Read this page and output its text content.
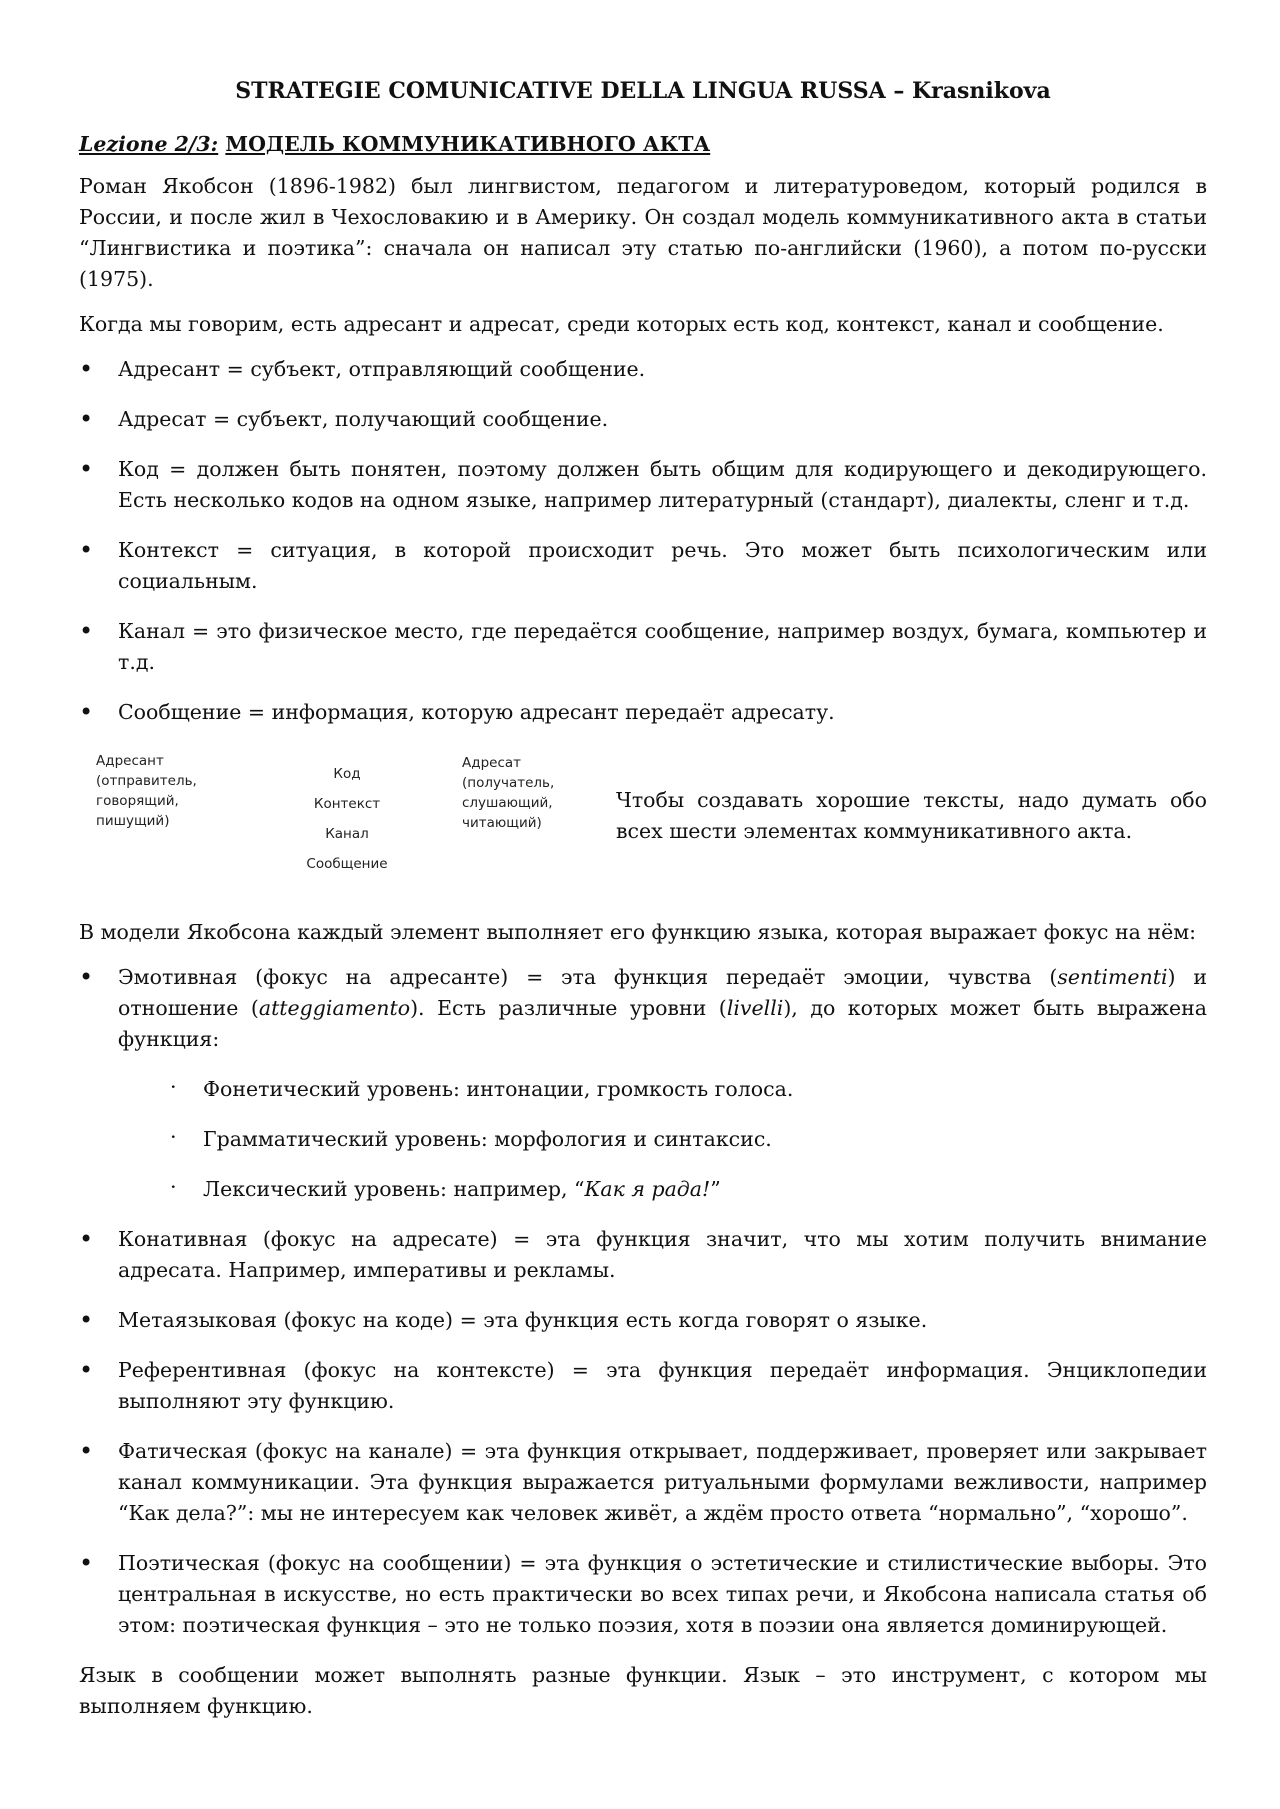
STRATEGIE COMUNICATIVE DELLA LINGUA RUSSA – Krasnikova
Lezione 2/3: МОДЕЛЬ КОММУНИКАТИВНОГО АКТА

Роман Якобсон (1896-1982) был лингвистом, педагогом и литературоведом, который родился в России, и после жил в Чехословакию и в Америку. Он создал модель коммуникативного акта в статьи “Лингвистика и поэтика”: сначала он написал эту статью по-английски (1960), а потом по-русски (1975).

Когда мы говорим, есть адресант и адресат, среди которых есть код, контекст, канал и сообщение.

• Адресант = субъект, отправляющий сообщение.
• Адресат = субъект, получающий сообщение.
• Код = должен быть понятен, поэтому должен быть общим для кодирующего и декодирующего. Есть несколько кодов на одном языке, например литературный (стандарт), диалекты, сленг и т.д.
• Контекст = ситуация, в которой происходит речь. Это может быть психологическим или социальным.
• Канал = это физическое место, где передаётся сообщение, например воздух, бумага, компьютер и т.д.
• Сообщение = информация, которую адресант передаёт адресату.
Адресант
(отправитель,
говорящий,
пишущий)
Код
Контекст
Канал
Сообщение
Адресат
(получатель,
слушающий,
читающий)
Чтобы создавать хорошие тексты, надо думать обо всех шести элементах коммуникативного акта.

В модели Якобсона каждый элемент выполняет его функцию языка, которая выражает фокус на нём:

• Эмотивная (фокус на адресанте) = эта функция передаёт эмоции, чувства (sentimenti) и отношение (atteggiamento). Есть различные уровни (livelli), до которых может быть выражена функция:
· Фонетический уровень: интонации, громкость голоса.
· Грамматический уровень: морфология и синтаксис.
· Лексический уровень: например, “Как я рада!”
• Конативная (фокус на адресате) = эта функция значит, что мы хотим получить внимание адресата. Например, императивы и рекламы.
• Метаязыковая (фокус на коде) = эта функция есть когда говорят о языке.
• Референтивная (фокус на контексте) = эта функция передаёт информация. Энциклопедии выполняют эту функцию.
• Фатическая (фокус на канале) = эта функция открывает, поддерживает, проверяет или закрывает канал коммуникации. Эта функция выражается ритуальными формулами вежливости, например “Как дела?”: мы не интересуем как человек живёт, а ждём просто ответа “нормально”, “хорошо”.
• Поэтическая (фокус на сообщении) = эта функция о эстетические и стилистические выборы. Это центральная в искусстве, но есть практически во всех типах речи, и Якобсона написала статья об этом: поэтическая функция – это не только поэзия, хотя в поэзии она является доминирующей.

Язык в сообщении может выполнять разные функции. Язык – это инструмент, с котором мы выполняем функцию.
